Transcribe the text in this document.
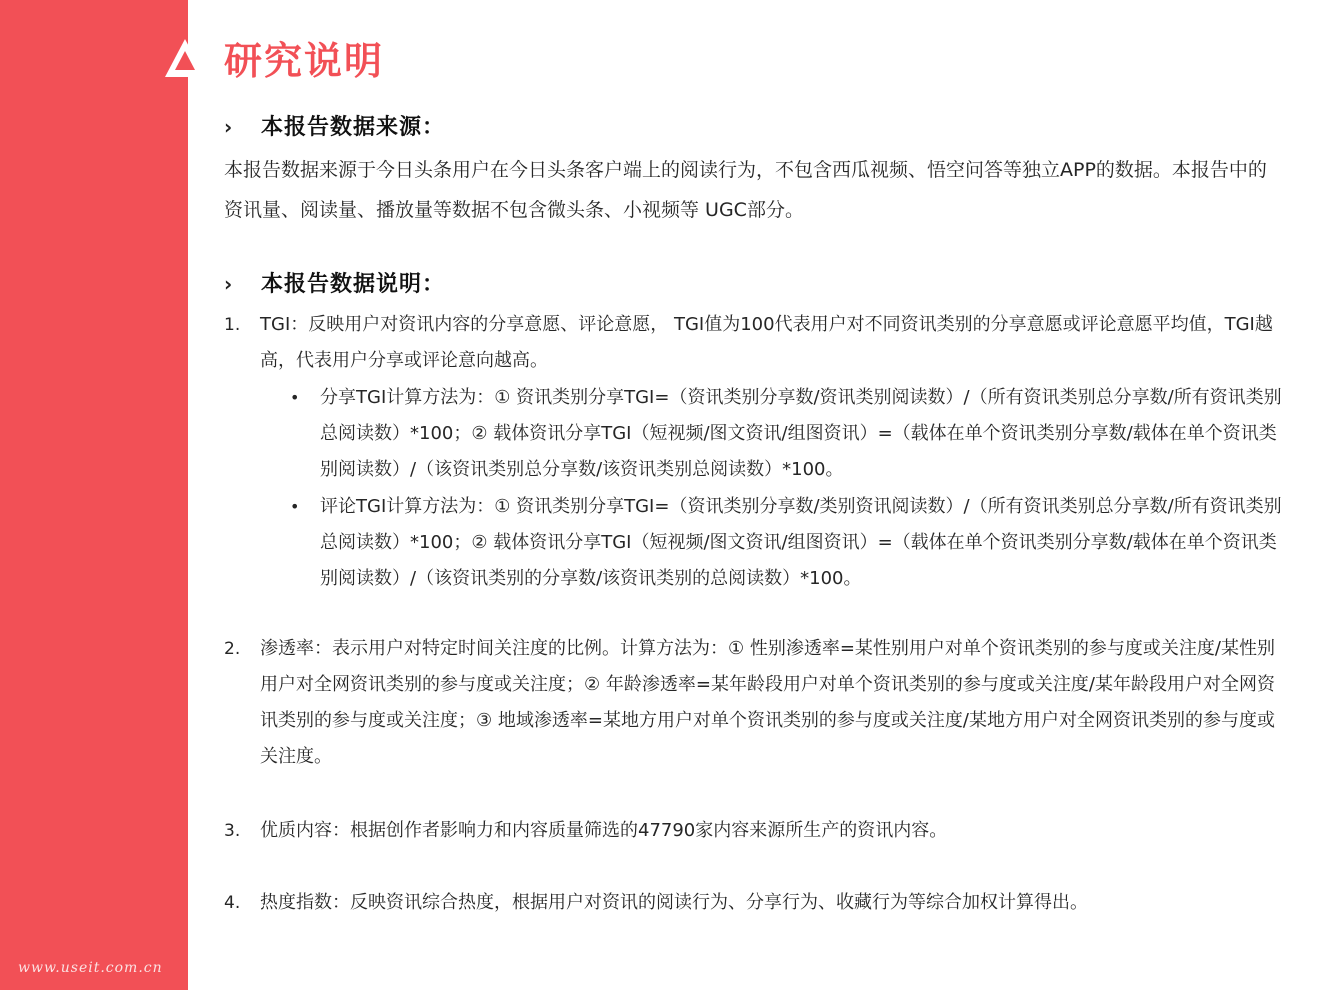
www.useit.com.cn
研究说明
› 本报告数据来源：

本报告数据来源于今日头条用户在今日头条客户端上的阅读行为，不包含西瓜视频、悟空问答等独立APP的数据。本报告中的资讯量、阅读量、播放量等数据不包含微头条、小视频等 UGC部分。

› 本报告数据说明：
1. TGI：反映用户对资讯内容的分享意愿、评论意愿， TGI值为100代表用户对不同资讯类别的分享意愿或评论意愿平均值，TGI越高，代表用户分享或评论意向越高。

• 分享TGI计算方法为：① 资讯类别分享TGI=（资讯类别分享数/资讯类别阅读数）/（所有资讯类别总分享数/所有资讯类别总阅读数）*100；② 载体资讯分享TGI（短视频/图文资讯/组图资讯）=（载体在单个资讯类别分享数/载体在单个资讯类别阅读数）/（该资讯类别总分享数/该资讯类别总阅读数）*100。

• 评论TGI计算方法为：① 资讯类别分享TGI=（资讯类别分享数/类别资讯阅读数）/（所有资讯类别总分享数/所有资讯类别总阅读数）*100；② 载体资讯分享TGI（短视频/图文资讯/组图资讯）=（载体在单个资讯类别分享数/载体在单个资讯类别阅读数）/（该资讯类别的分享数/该资讯类别的总阅读数）*100。

2. 渗透率：表示用户对特定时间关注度的比例。计算方法为：① 性别渗透率=某性别用户对单个资讯类别的参与度或关注度/某性别用户对全网资讯类别的参与度或关注度；② 年龄渗透率=某年龄段用户对单个资讯类别的参与度或关注度/某年龄段用户对全网资讯类别的参与度或关注度；③ 地域渗透率=某地方用户对单个资讯类别的参与度或关注度/某地方用户对全网资讯类别的参与度或关注度。

3. 优质内容：根据创作者影响力和内容质量筛选的47790家内容来源所生产的资讯内容。

4. 热度指数：反映资讯综合热度，根据用户对资讯的阅读行为、分享行为、收藏行为等综合加权计算得出。
